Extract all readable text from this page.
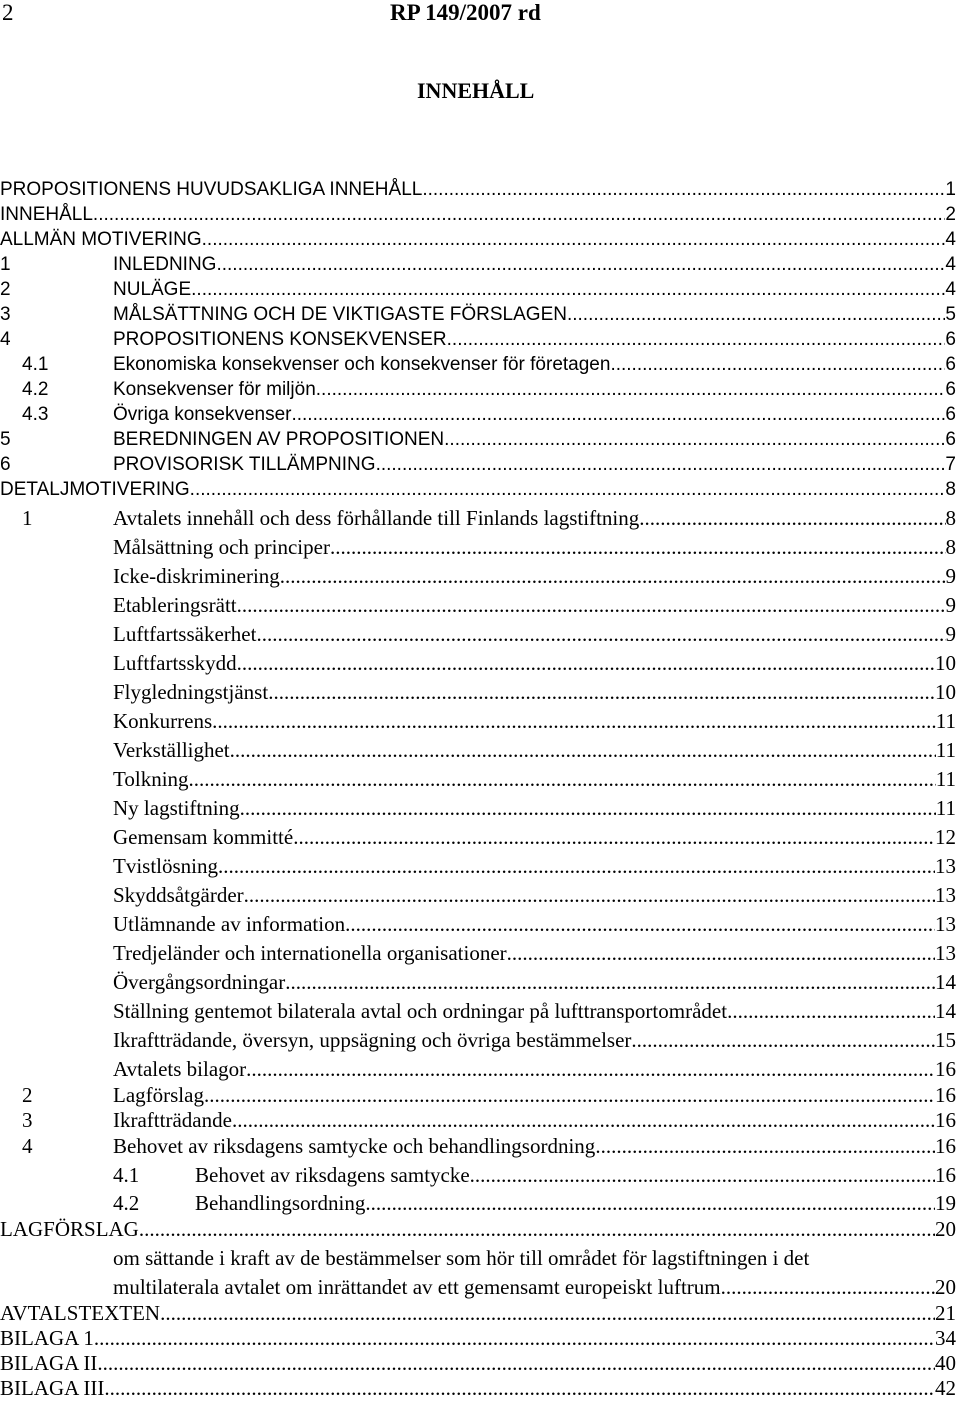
2	RP 149/2007 rd
INNEHÅLL
PROPOSITIONENS HUVUDSAKLIGA INNEHÅLL .....	1
INNEHÅLL .....	2
ALLMÄN MOTIVERING .....	4
1	INLEDNING .....	4
2	NULÄGE .....	4
3	MÅLSÄTTNING OCH DE VIKTIGASTE FÖRSLAGEN .....	5
4	PROPOSITIONENS KONSEKVENSER .....	6
4.1	Ekonomiska konsekvenser och konsekvenser för företagen .....	6
4.2	Konsekvenser för miljön .....	6
4.3	Övriga konsekvenser .....	6
5	BEREDNINGEN AV PROPOSITIONEN .....	6
6	PROVISORISK TILLÄMPNING .....	7
DETALJMOTIVERING .....	8
1	Avtalets innehåll och dess förhållande till Finlands lagstiftning .....	8
Målsättning och principer .....	8
Icke-diskriminering .....	9
Etableringsrätt .....	9
Luftfartssäkerhet .....	9
Luftfartsskydd .....	10
Flygledningstjänst .....	10
Konkurrens .....	11
Verkställighet .....	11
Tolkning .....	11
Ny lagstiftning .....	11
Gemensam kommitté .....	12
Tvistlösning .....	13
Skyddsåtgärder .....	13
Utlämnande av information .....	13
Tredjeländer och internationella organisationer .....	13
Övergångsordningar .....	14
Ställning gentemot bilaterala avtal och ordningar på lufttransportområdet .....	14
Ikraftträdande, översyn, uppsägning och övriga bestämmelser .....	15
Avtalets bilagor .....	16
2	Lagförslag .....	16
3	Ikraftträdande .....	16
4	Behovet av riksdagens samtycke och behandlingsordning .....	16
4.1	Behovet av riksdagens samtycke .....	16
4.2	Behandlingsordning .....	19
LAGFÖRSLAG .....	20
om sättande i kraft av de bestämmelser som hör till området för lagstiftningen i det
multilaterala avtalet om inrättandet av ett gemensamt europeiskt luftrum .....	20
AVTALSTEXTEN .....	21
BILAGA 1 .....	34
BILAGA II .....	40
BILAGA III .....	42
